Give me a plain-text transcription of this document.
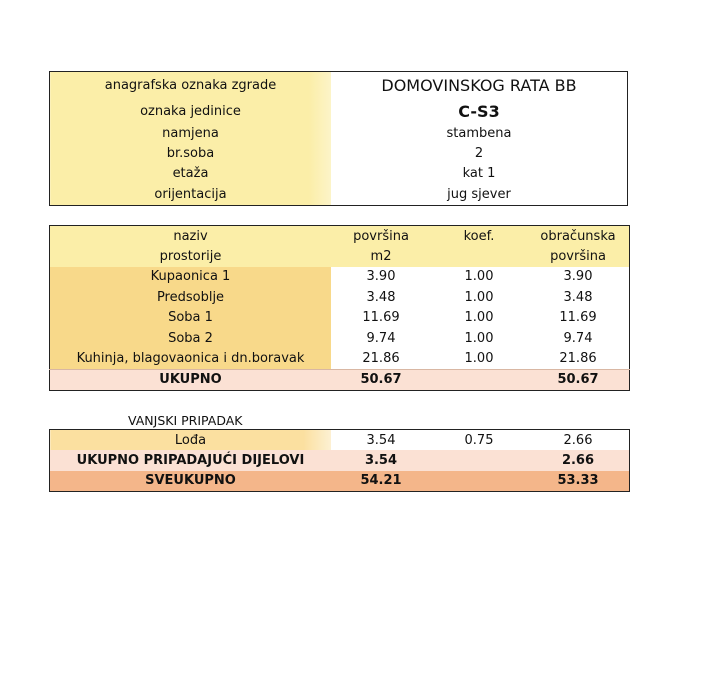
anagrafska oznaka zgrade	DOMOVINSKOG RATA BB
oznaka jedinice	C-S3
namjena	stambena
br.soba	2
etaža	kat 1
orijentacija	jug sjever
naziv	površina	koef.	obračunska
prostorije	m2		površina
Kupaonica 1	3.90	1.00	3.90
Predsoblje	3.48	1.00	3.48
Soba 1	11.69	1.00	11.69
Soba 2	9.74	1.00	9.74
Kuhinja, blagovaonica i dn.boravak	21.86	1.00	21.86
UKUPNO	50.67		50.67
VANJSKI PRIPADAK
Lođa	3.54	0.75	2.66
UKUPNO PRIPADAJUĆI DIJELOVI	3.54		2.66
SVEUKUPNO	54.21		53.33
